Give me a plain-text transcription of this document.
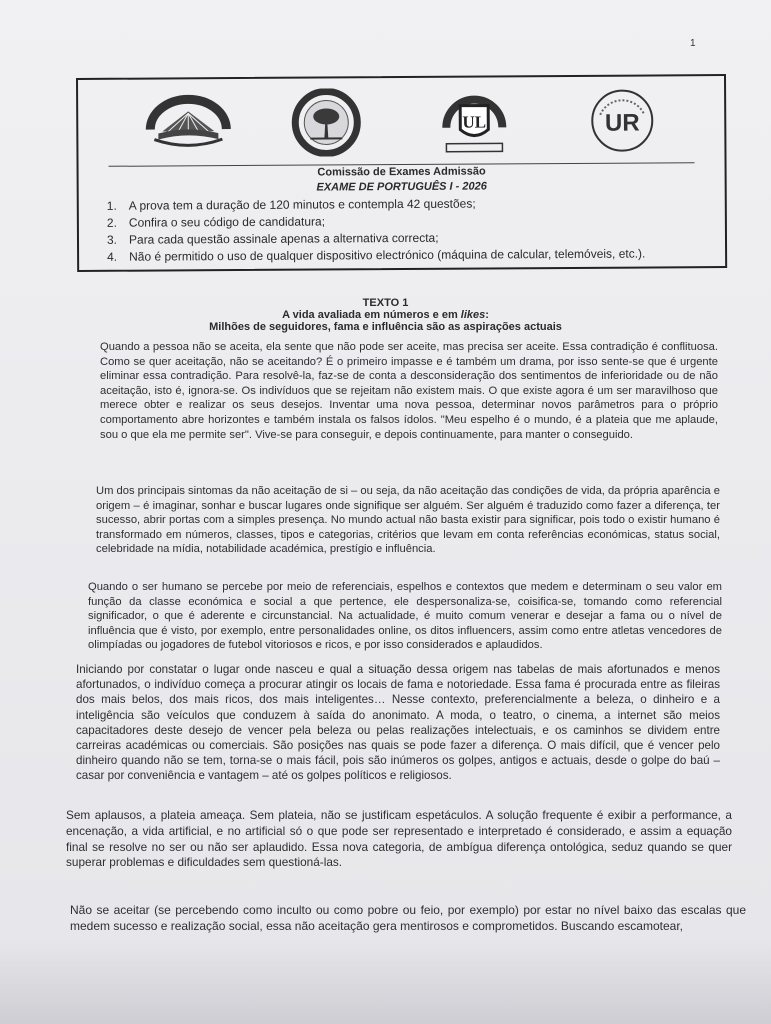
1
UL	UR
Comissão de Exames Admissão
EXAME DE PORTUGUÊS I - 2026
1. A prova tem a duração de 120 minutos e contempla 42 questões;
2. Confira o seu código de candidatura;
3. Para cada questão assinale apenas a alternativa correcta;
4. Não é permitido o uso de qualquer dispositivo electrónico (máquina de calcular, telemóveis, etc.).
TEXTO 1
A vida avaliada em números e em likes:
Milhões de seguidores, fama e influência são as aspirações actuais

Quando a pessoa não se aceita, ela sente que não pode ser aceite, mas precisa ser aceite. Essa contradição é conflituosa. Como se quer aceitação, não se aceitando? É o primeiro impasse e é também um drama, por isso sente-se que é urgente eliminar essa contradição. Para resolvê-la, faz-se de conta a desconsideração dos sentimentos de inferioridade ou de não aceitação, isto é, ignora-se. Os indivíduos que se rejeitam não existem mais. O que existe agora é um ser maravilhoso que merece obter e realizar os seus desejos. Inventar uma nova pessoa, determinar novos parâmetros para o próprio comportamento abre horizontes e também instala os falsos ídolos. "Meu espelho é o mundo, é a plateia que me aplaude, sou o que ela me permite ser". Vive-se para conseguir, e depois continuamente, para manter o conseguido.

Um dos principais sintomas da não aceitação de si – ou seja, da não aceitação das condições de vida, da própria aparência e origem – é imaginar, sonhar e buscar lugares onde signifique ser alguém. Ser alguém é traduzido como fazer a diferença, ter sucesso, abrir portas com a simples presença. No mundo actual não basta existir para significar, pois todo o existir humano é transformado em números, classes, tipos e categorias, critérios que levam em conta referências económicas, status social, celebridade na mídia, notabilidade académica, prestígio e influência.

Quando o ser humano se percebe por meio de referenciais, espelhos e contextos que medem e determinam o seu valor em função da classe económica e social a que pertence, ele despersonaliza-se, coisifica-se, tomando como referencial significador, o que é aderente e circunstancial. Na actualidade, é muito comum venerar e desejar a fama ou o nível de influência que é visto, por exemplo, entre personalidades online, os ditos influencers, assim como entre atletas vencedores de olimpíadas ou jogadores de futebol vitoriosos e ricos, e por isso considerados e aplaudidos.

Iniciando por constatar o lugar onde nasceu e qual a situação dessa origem nas tabelas de mais afortunados e menos afortunados, o indivíduo começa a procurar atingir os locais de fama e notoriedade. Essa fama é procurada entre as fileiras dos mais belos, dos mais ricos, dos mais inteligentes… Nesse contexto, preferencialmente a beleza, o dinheiro e a inteligência são veículos que conduzem à saída do anonimato. A moda, o teatro, o cinema, a internet são meios capacitadores deste desejo de vencer pela beleza ou pelas realizações intelectuais, e os caminhos se dividem entre carreiras académicas ou comerciais. São posições nas quais se pode fazer a diferença. O mais difícil, que é vencer pelo dinheiro quando não se tem, torna-se o mais fácil, pois são inúmeros os golpes, antigos e actuais, desde o golpe do baú – casar por conveniência e vantagem – até os golpes políticos e religiosos.

Sem aplausos, a plateia ameaça. Sem plateia, não se justificam espetáculos. A solução frequente é exibir a performance, a encenação, a vida artificial, e no artificial só o que pode ser representado e interpretado é considerado, e assim a equação final se resolve no ser ou não ser aplaudido. Essa nova categoria, de ambígua diferença ontológica, seduz quando se quer superar problemas e dificuldades sem questioná-las.

Não se aceitar (se percebendo como inculto ou como pobre ou feio, por exemplo) por estar no nível baixo das escalas que medem sucesso e realização social, essa não aceitação gera mentirosos e comprometidos. Buscando escamotear,
